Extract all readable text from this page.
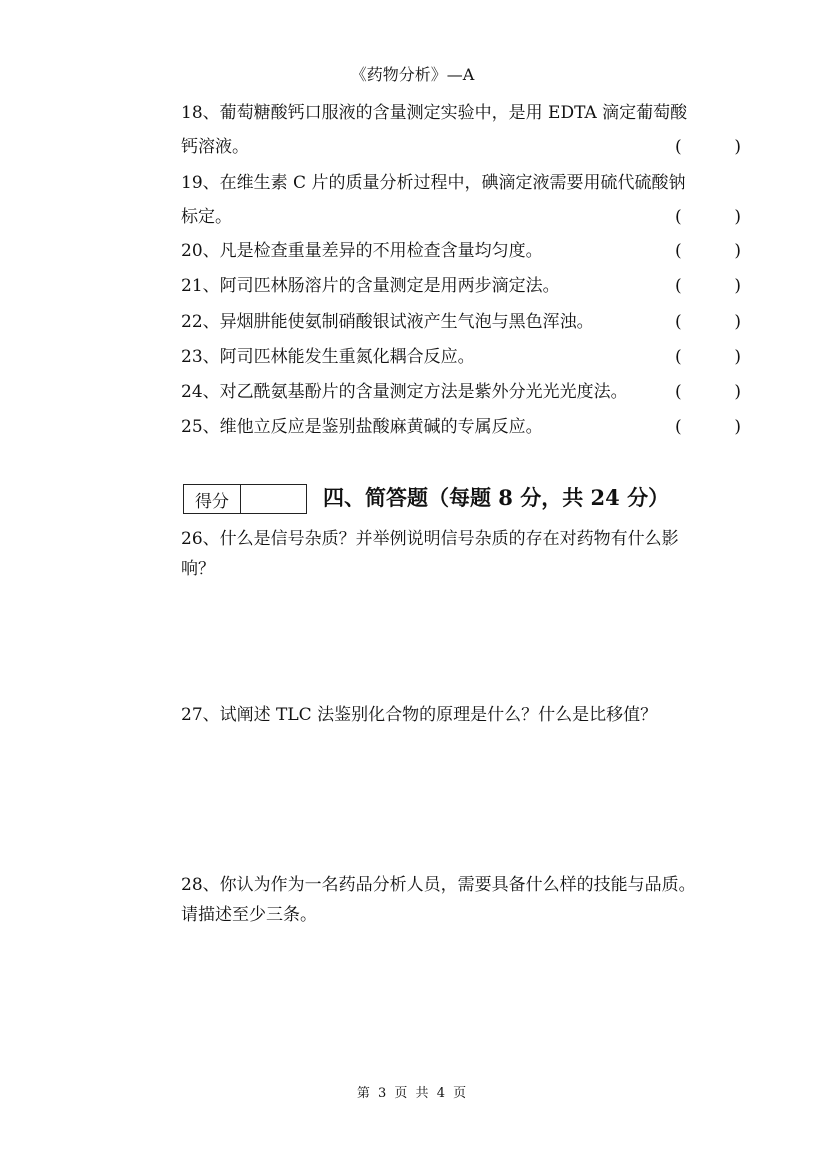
《药物分析》—A
18、葡萄糖酸钙口服液的含量测定实验中，是用 EDTA 滴定葡萄酸
钙溶液。	(	)
19、在维生素 C 片的质量分析过程中，碘滴定液需要用硫代硫酸钠
标定。	(	)
20、凡是检查重量差异的不用检查含量均匀度。	(	)
21、阿司匹林肠溶片的含量测定是用两步滴定法。	(	)
22、异烟肼能使氨制硝酸银试液产生气泡与黑色浑浊。	(	)
23、阿司匹林能发生重氮化耦合反应。	(	)
24、对乙酰氨基酚片的含量测定方法是紫外分光光光度法。	(	)
25、维他立反应是鉴别盐酸麻黄碱的专属反应。	(	)
得分	四、简答题（每题 8 分，共 24 分）
26、什么是信号杂质？并举例说明信号杂质的存在对药物有什么影
响？
27、试阐述 TLC 法鉴别化合物的原理是什么？什么是比移值？
28、你认为作为一名药品分析人员，需要具备什么样的技能与品质。
请描述至少三条。
第 3 页 共 4 页
